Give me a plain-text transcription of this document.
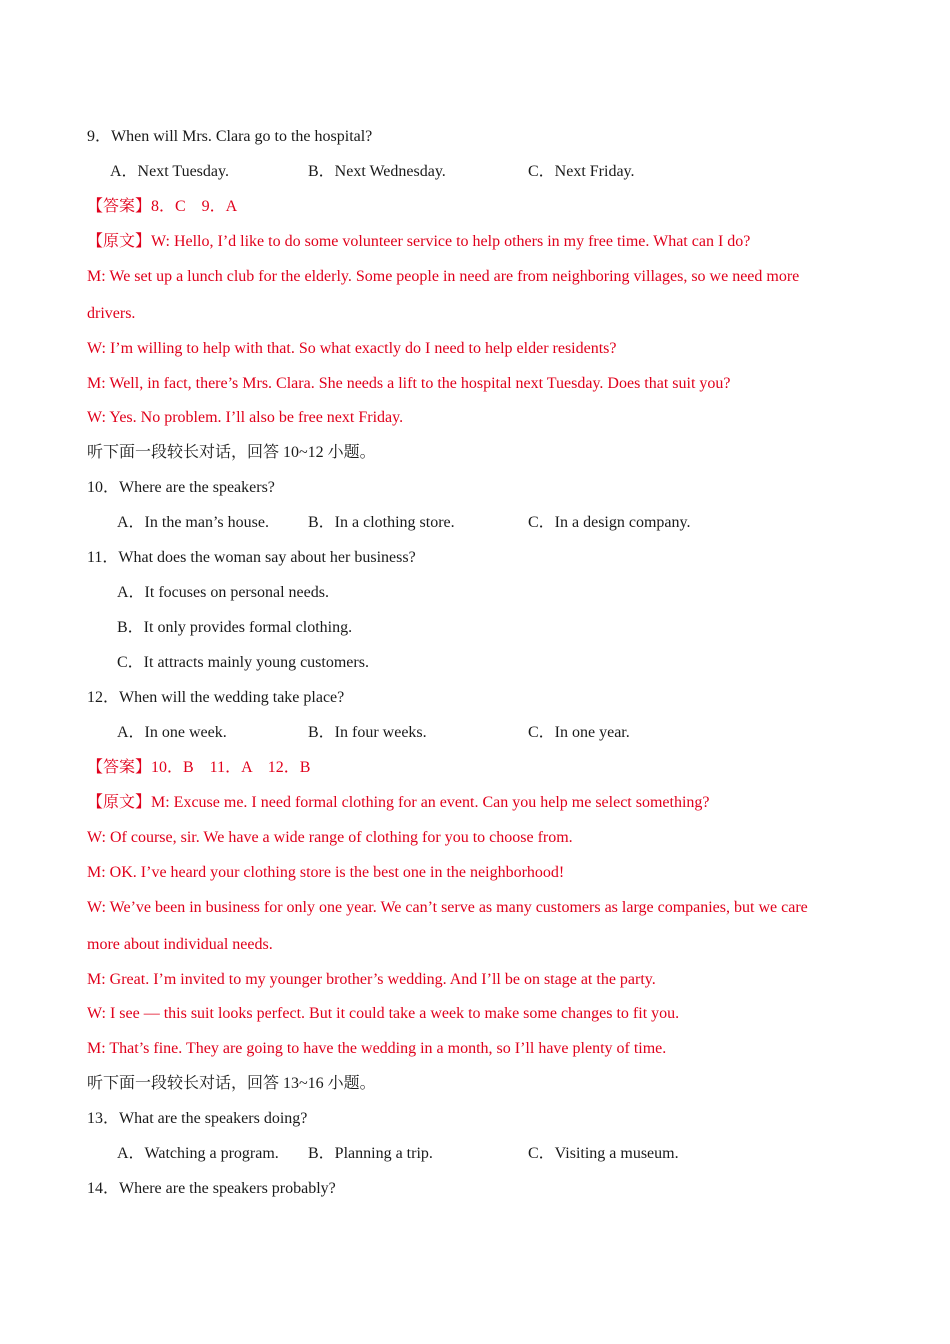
9．When will Mrs. Clara go to the hospital?
A．Next Tuesday.	B．Next Wednesday.	C．Next Friday.
【答案】8．C　9．A
【原文】W: Hello, I’d like to do some volunteer service to help others in my free time. What can I do?
M: We set up a lunch club for the elderly. Some people in need are from neighboring villages, so we need more
drivers.
W: I’m willing to help with that. So what exactly do I need to help elder residents?
M: Well, in fact, there’s Mrs. Clara. She needs a lift to the hospital next Tuesday. Does that suit you?
W: Yes. No problem. I’ll also be free next Friday.
听下面一段较长对话，回答 10~12 小题。
10．Where are the speakers?
A．In the man’s house. B．In a clothing store.	C．In a design company.
11．What does the woman say about her business?
A．It focuses on personal needs.
B．It only provides formal clothing.
C．It attracts mainly young customers.
12．When will the wedding take place?
A．In one week.	B．In four weeks.	C．In one year.
【答案】10．B　11．A　12．B
【原文】M: Excuse me. I need formal clothing for an event. Can you help me select something?
W: Of course, sir. We have a wide range of clothing for you to choose from.
M: OK. I’ve heard your clothing store is the best one in the neighborhood!
W: We’ve been in business for only one year. We can’t serve as many customers as large companies, but we care
more about individual needs.
M: Great. I’m invited to my younger brother’s wedding. And I’ll be on stage at the party.
W: I see — this suit looks perfect. But it could take a week to make some changes to fit you.
M: That’s fine. They are going to have the wedding in a month, so I’ll have plenty of time.
听下面一段较长对话，回答 13~16 小题。
13．What are the speakers doing?
A．Watching a program. B．Planning a trip.	C．Visiting a museum.
14．Where are the speakers probably?
